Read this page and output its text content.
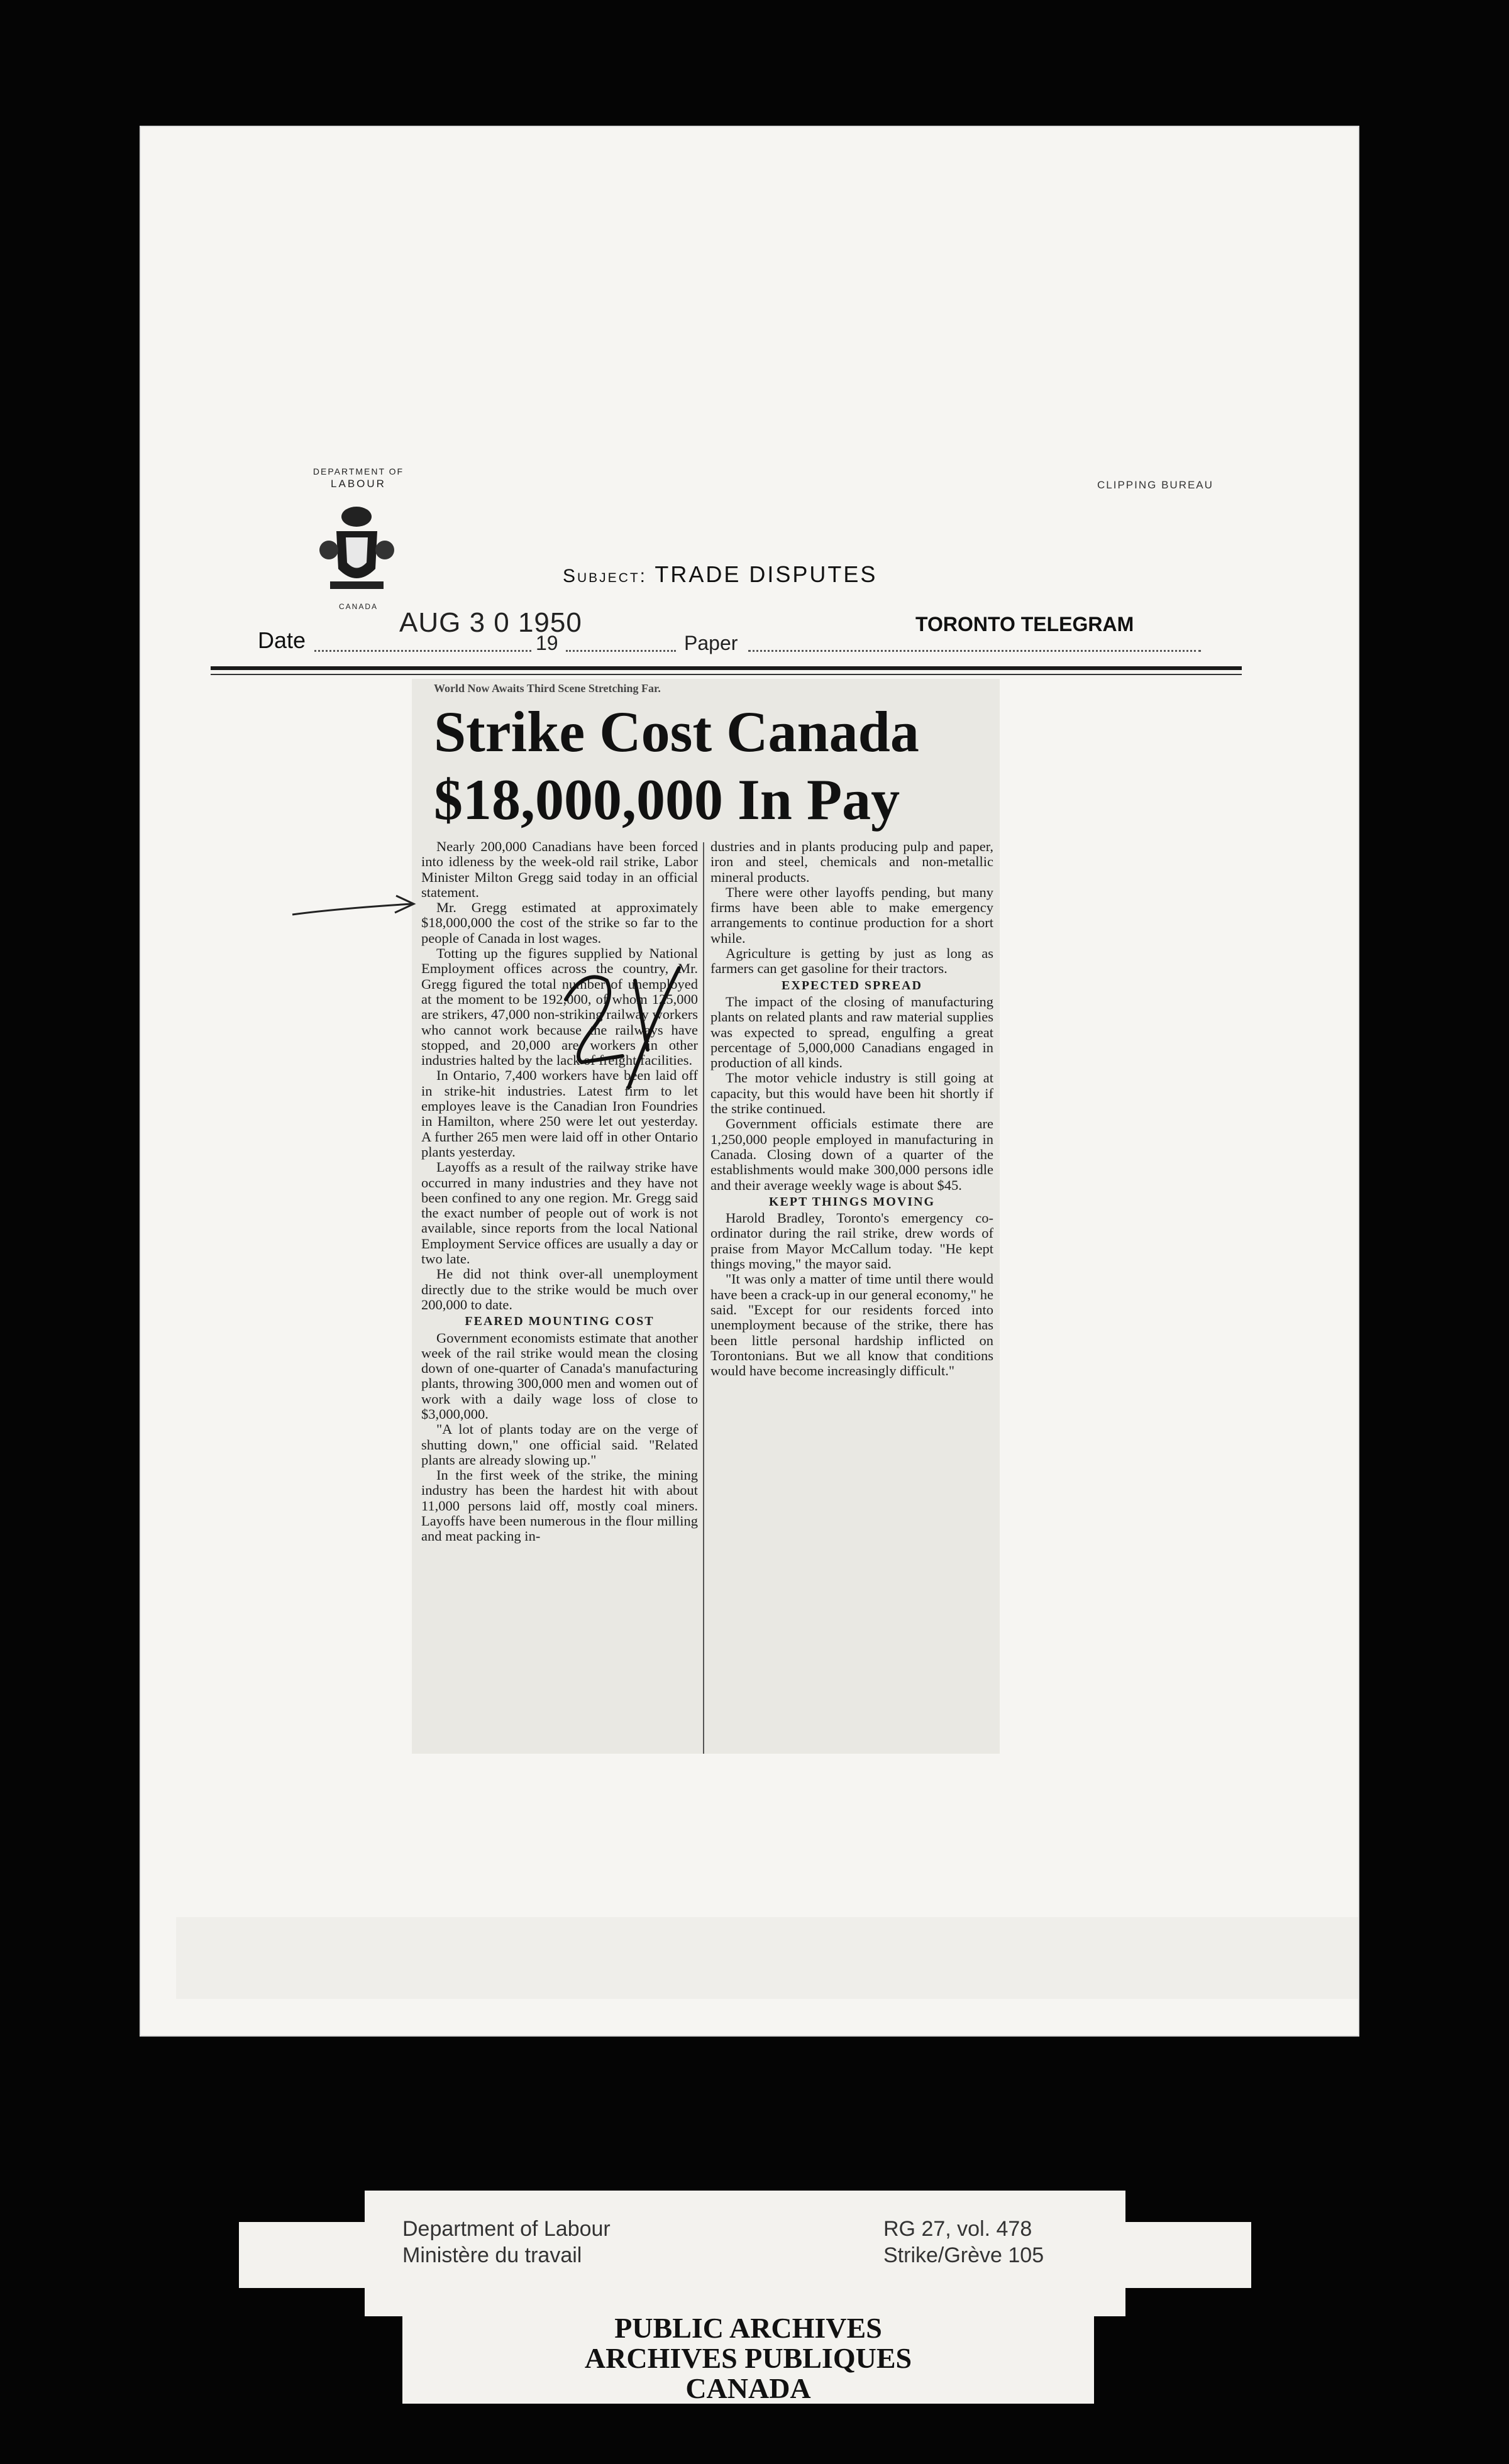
DEPARTMENT OF
LABOUR
CANADA
CLIPPING BUREAU
Subject: TRADE DISPUTES
Date
AUG 3 0 1950
19	Paper
TORONTO TELEGRAM
World Now Awaits Third Scene Stretching Far.
Strike Cost Canada
$18,000,000 In Pay

Nearly 200,000 Canadians have been forced into idleness by the week-old rail strike, Labor Minister Milton Gregg said today in an official statement.

Mr. Gregg estimated at approximately $18,000,000 the cost of the strike so far to the people of Canada in lost wages.

Totting up the figures supplied by National Employment offices across the country, Mr. Gregg figured the total number of unemployed at the moment to be 192,000, of whom 125,000 are strikers, 47,000 non-striking railway workers who cannot work because the railways have stopped, and 20,000 are workers in other industries halted by the lack of freight facilities.

In Ontario, 7,400 workers have been laid off in strike-hit industries. Latest firm to let employes leave is the Canadian Iron Foundries in Hamilton, where 250 were let out yesterday. A further 265 men were laid off in other Ontario plants yesterday.

Layoffs as a result of the railway strike have occurred in many industries and they have not been confined to any one region. Mr. Gregg said the exact number of people out of work is not available, since reports from the local National Employment Service offices are usually a day or two late.

He did not think over-all unemployment directly due to the strike would be much over 200,000 to date.

FEARED MOUNTING COST

Government economists estimate that another week of the rail strike would mean the closing down of one-quarter of Canada's manufacturing plants, throwing 300,000 men and women out of work with a daily wage loss of close to $3,000,000.

"A lot of plants today are on the verge of shutting down," one official said. "Related plants are already slowing up."

In the first week of the strike, the mining industry has been the hardest hit with about 11,000 persons laid off, mostly coal miners. Layoffs have been numerous in the flour milling and meat packing in-

dustries and in plants producing pulp and paper, iron and steel, chemicals and non-metallic mineral products.

There were other layoffs pending, but many firms have been able to make emergency arrangements to continue production for a short while.

Agriculture is getting by just as long as farmers can get gasoline for their tractors.

EXPECTED SPREAD

The impact of the closing of manufacturing plants on related plants and raw material supplies was expected to spread, engulfing a great percentage of 5,000,000 Canadians engaged in production of all kinds.

The motor vehicle industry is still going at capacity, but this would have been hit shortly if the strike continued.

Government officials estimate there are 1,250,000 people employed in manufacturing in Canada. Closing down of a quarter of the establishments would make 300,000 persons idle and their average weekly wage is about $45.

KEPT THINGS MOVING

Harold Bradley, Toronto's emergency co-ordinator during the rail strike, drew words of praise from Mayor McCallum today. "He kept things moving," the mayor said.

"It was only a matter of time until there would have been a crack-up in our general economy," he said. "Except for our residents forced into unemployment because of the strike, there has been little personal hardship inflicted on Torontonians. But we all know that conditions would have become increasingly difficult."

Department of Labour
Ministère du travail
RG 27, vol. 478
Strike/Grève 105
PUBLIC ARCHIVES
ARCHIVES PUBLIQUES
CANADA
